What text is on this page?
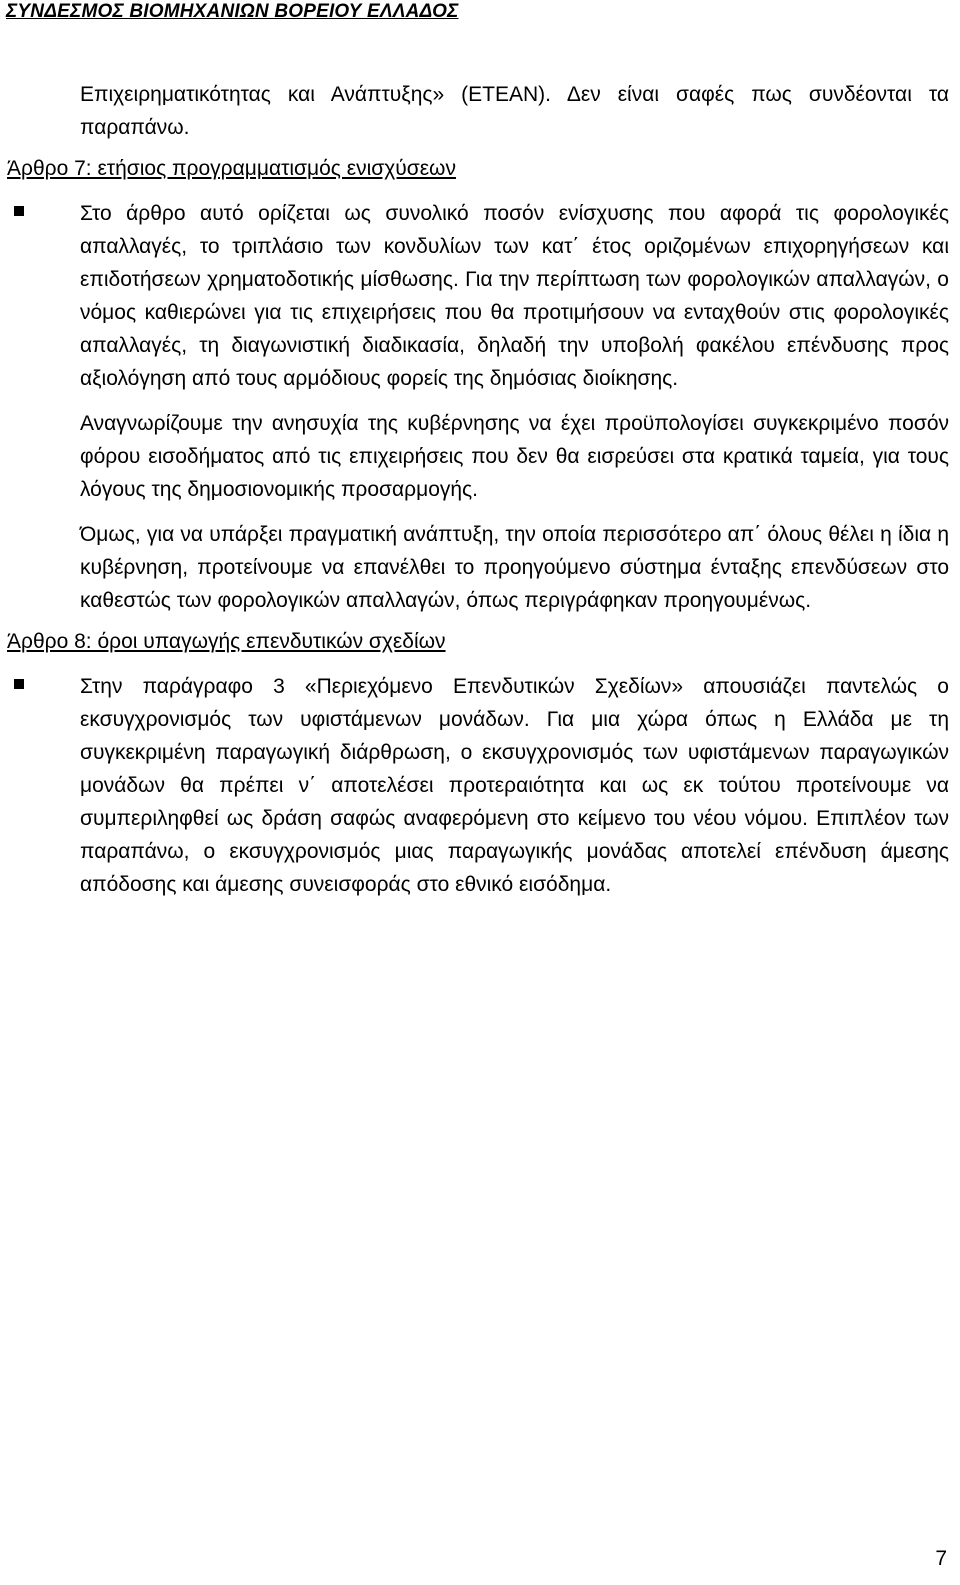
ΣΥΝΔΕΣΜΟΣ ΒΙΟΜΗΧΑΝΙΩΝ ΒΟΡΕΙΟΥ ΕΛΛΑΔΟΣ
Επιχειρηματικότητας και Ανάπτυξης» (ΕΤΕΑΝ). Δεν είναι σαφές πως συνδέονται τα παραπάνω.
Άρθρο 7: ετήσιος προγραμματισμός ενισχύσεων
Στο άρθρο αυτό ορίζεται ως συνολικό ποσόν ενίσχυσης που αφορά τις φορολογικές απαλλαγές, το τριπλάσιο των κονδυλίων των κατ΄ έτος οριζομένων επιχορηγήσεων και επιδοτήσεων χρηματοδοτικής μίσθωσης. Για την περίπτωση των φορολογικών απαλλαγών, ο νόμος καθιερώνει για τις επιχειρήσεις που θα προτιμήσουν να ενταχθούν στις φορολογικές απαλλαγές, τη διαγωνιστική διαδικασία, δηλαδή την υποβολή φακέλου επένδυσης προς αξιολόγηση από τους αρμόδιους φορείς της δημόσιας διοίκησης.
Αναγνωρίζουμε την ανησυχία της κυβέρνησης να έχει προϋπολογίσει συγκεκριμένο ποσόν φόρου εισοδήματος από τις επιχειρήσεις που δεν θα εισρεύσει στα κρατικά ταμεία, για τους λόγους της δημοσιονομικής προσαρμογής.
Όμως, για να υπάρξει πραγματική ανάπτυξη, την οποία περισσότερο απ΄ όλους θέλει η ίδια η κυβέρνηση, προτείνουμε να επανέλθει το προηγούμενο σύστημα ένταξης επενδύσεων στο καθεστώς των φορολογικών απαλλαγών, όπως περιγράφηκαν προηγουμένως.
Άρθρο 8: όροι υπαγωγής επενδυτικών σχεδίων
Στην παράγραφο 3 «Περιεχόμενο Επενδυτικών Σχεδίων» απουσιάζει παντελώς ο εκσυγχρονισμός των υφιστάμενων μονάδων. Για μια χώρα όπως η Ελλάδα με τη συγκεκριμένη παραγωγική διάρθρωση, ο εκσυγχρονισμός των υφιστάμενων παραγωγικών μονάδων θα πρέπει ν΄ αποτελέσει προτεραιότητα και ως εκ τούτου προτείνουμε να συμπεριληφθεί ως δράση σαφώς αναφερόμενη στο κείμενο του νέου νόμου. Επιπλέον των παραπάνω, ο εκσυγχρονισμός μιας παραγωγικής μονάδας αποτελεί επένδυση άμεσης απόδοσης και άμεσης συνεισφοράς στο εθνικό εισόδημα.
7
